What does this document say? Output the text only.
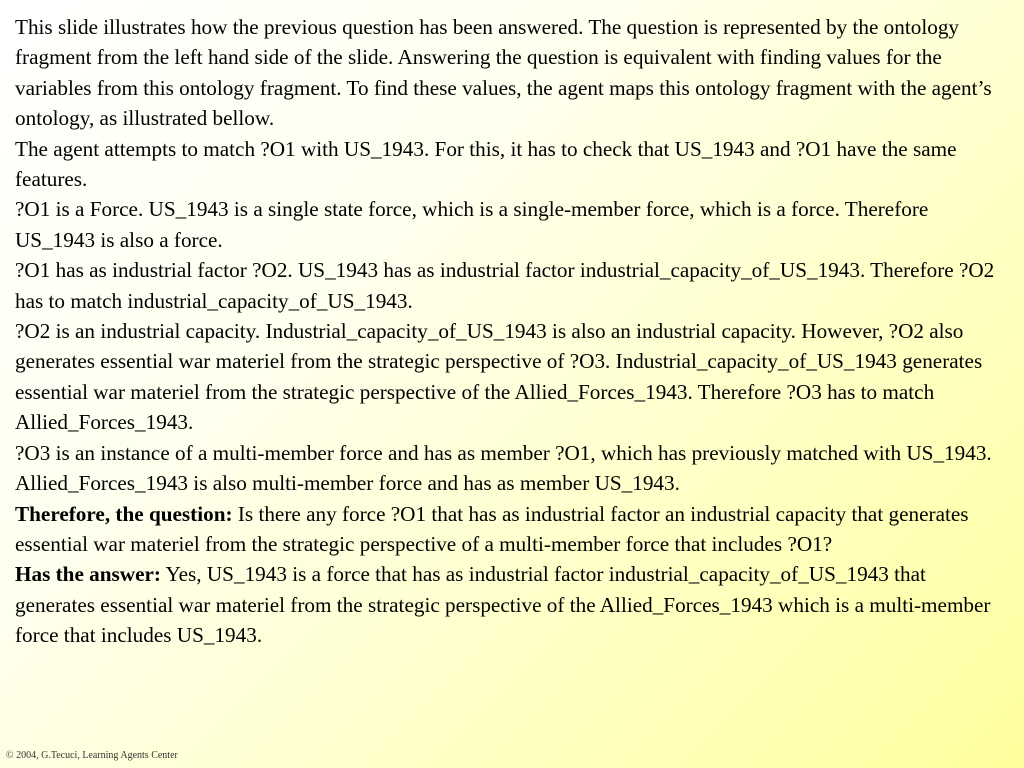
This slide illustrates how the previous question has been answered. The question is represented by the ontology fragment from the left hand side of the slide. Answering the question is equivalent with finding values for the variables from this ontology fragment. To find these values, the agent maps this ontology fragment with the agent’s ontology, as illustrated bellow.

The agent attempts to match ?O1 with US_1943. For this, it has to check that US_1943 and ?O1 have the same features.

?O1 is a Force. US_1943 is a single state force, which is a single-member force, which is a force. Therefore US_1943 is also a force.

?O1 has as industrial factor ?O2. US_1943 has as industrial factor industrial_capacity_of_US_1943. Therefore ?O2 has to match industrial_capacity_of_US_1943.

?O2 is an industrial capacity. Industrial_capacity_of_US_1943 is also an industrial capacity. However, ?O2 also generates essential war materiel from the strategic perspective of ?O3. Industrial_capacity_of_US_1943 generates essential war materiel from the strategic perspective of the Allied_Forces_1943. Therefore ?O3 has to match Allied_Forces_1943.

?O3 is an instance of a multi-member force and has as member ?O1, which has previously matched with US_1943. Allied_Forces_1943 is also multi-member force and has as member US_1943.

Therefore, the question: Is there any force ?O1 that has as industrial factor an industrial capacity that generates essential war materiel from the strategic perspective of a multi-member force that includes ?O1?

Has the answer: Yes, US_1943 is a force that has as industrial factor industrial_capacity_of_US_1943 that generates essential war materiel from the strategic perspective of the Allied_Forces_1943 which is a multi-member force that includes US_1943.

© 2004, G.Tecuci, Learning Agents Center
